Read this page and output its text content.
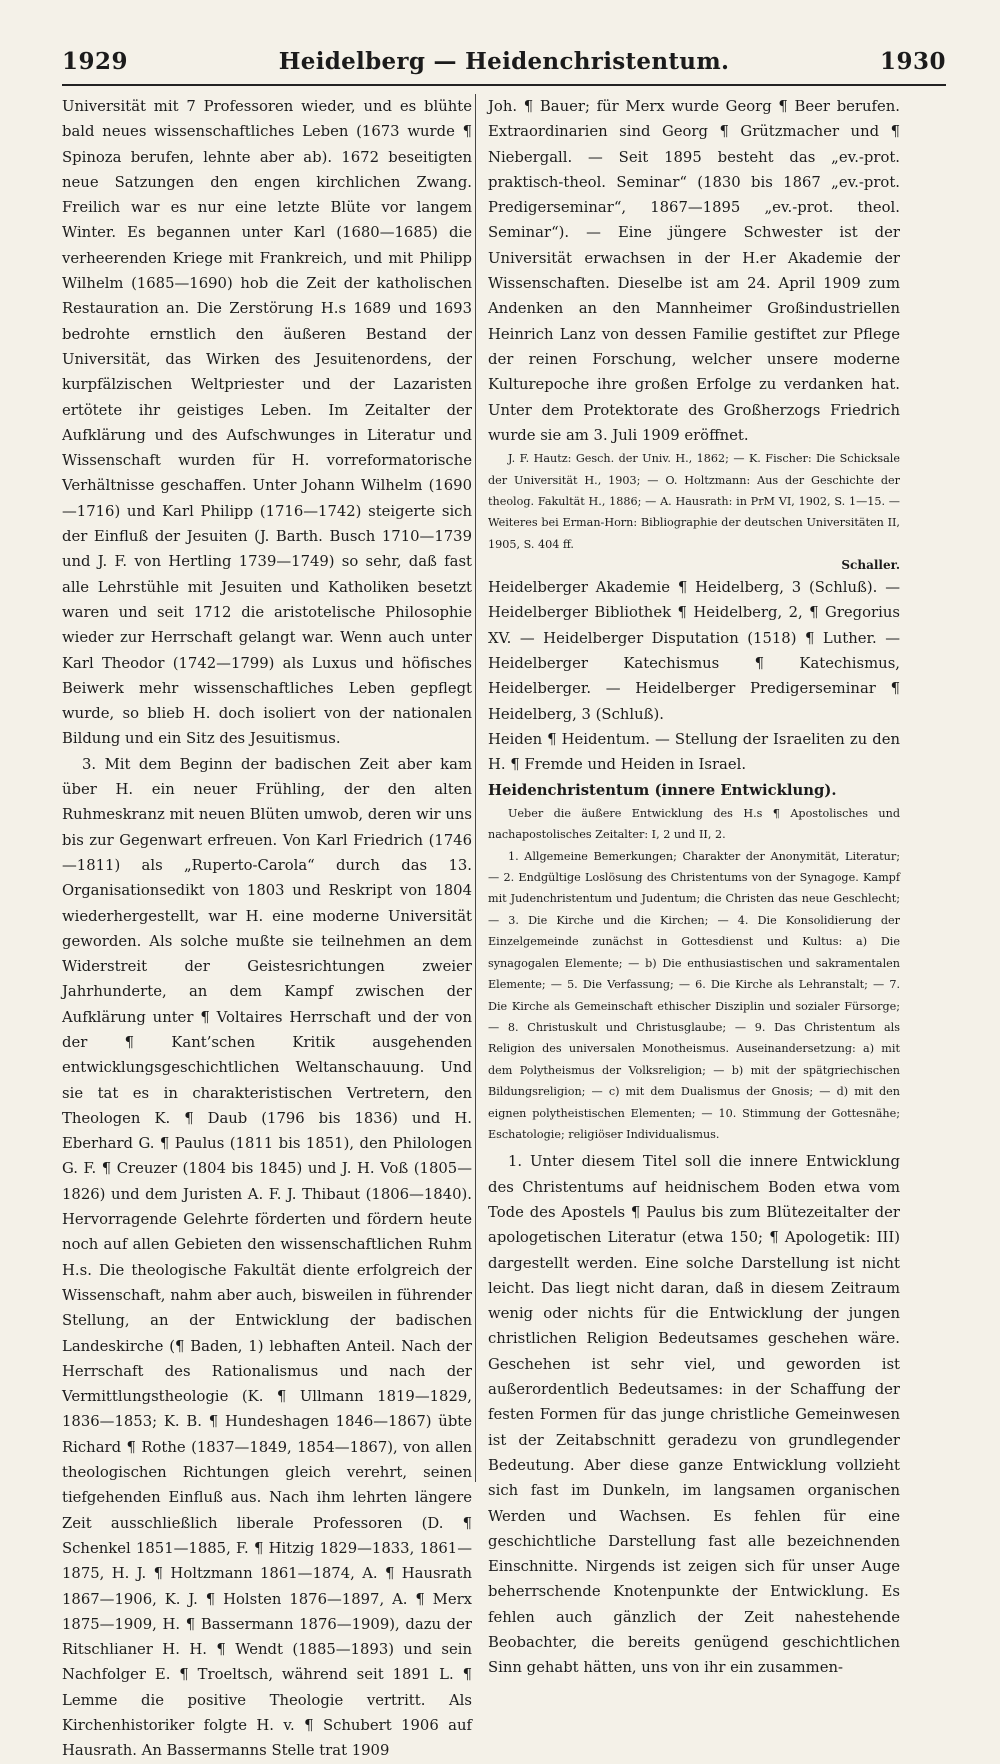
1929	Heidelberg — Heidenchristentum.	1930

Universität mit 7 Professoren wieder, und es blühte bald neues wissenschaftliches Leben (1673 wurde ¶ Spinoza berufen, lehnte aber ab). 1672 beseitigten neue Satzungen den engen kirchlichen Zwang. Freilich war es nur eine letzte Blüte vor langem Winter. Es begannen unter Karl (1680—1685) die verheerenden Kriege mit Frankreich, und mit Philipp Wilhelm (1685—1690) hob die Zeit der katholischen Restauration an. Die Zerstörung H.s 1689 und 1693 bedrohte ernstlich den äußeren Bestand der Universität, das Wirken des Jesuitenordens, der kurpfälzischen Weltpriester und der Lazaristen ertötete ihr geistiges Leben. Im Zeitalter der Aufklärung und des Aufschwunges in Literatur und Wissenschaft wurden für H. vorreformatorische Verhältnisse geschaffen. Unter Johann Wilhelm (1690—1716) und Karl Philipp (1716—1742) steigerte sich der Einfluß der Jesuiten (J. Barth. Busch 1710—1739 und J. F. von Hertling 1739—1749) so sehr, daß fast alle Lehrstühle mit Jesuiten und Katholiken besetzt waren und seit 1712 die aristotelische Philosophie wieder zur Herrschaft gelangt war. Wenn auch unter Karl Theodor (1742—1799) als Luxus und höfisches Beiwerk mehr wissenschaftliches Leben gepflegt wurde, so blieb H. doch isoliert von der nationalen Bildung und ein Sitz des Jesuitismus.

3. Mit dem Beginn der badischen Zeit aber kam über H. ein neuer Frühling, der den alten Ruhmeskranz mit neuen Blüten umwob, deren wir uns bis zur Gegenwart erfreuen. Von Karl Friedrich (1746—1811) als „Ruperto-Carola“ durch das 13. Organisationsedikt von 1803 und Reskript von 1804 wiederhergestellt, war H. eine moderne Universität geworden. Als solche mußte sie teilnehmen an dem Widerstreit der Geistesrichtungen zweier Jahrhunderte, an dem Kampf zwischen der Aufklärung unter ¶ Voltaires Herrschaft und der von der ¶ Kant’schen Kritik ausgehenden entwicklungsgeschichtlichen Weltanschauung. Und sie tat es in charakteristischen Vertretern, den Theologen K. ¶ Daub (1796 bis 1836) und H. Eberhard G. ¶ Paulus (1811 bis 1851), den Philologen G. F. ¶ Creuzer (1804 bis 1845) und J. H. Voß (1805—1826) und dem Juristen A. F. J. Thibaut (1806—1840). Hervorragende Gelehrte förderten und fördern heute noch auf allen Gebieten den wissenschaftlichen Ruhm H.s. Die theologische Fakultät diente erfolgreich der Wissenschaft, nahm aber auch, bisweilen in führender Stellung, an der Entwicklung der badischen Landeskirche (¶ Baden, 1) lebhaften Anteil. Nach der Herrschaft des Rationalismus und nach der Vermittlungstheologie (K. ¶ Ullmann 1819—1829, 1836—1853; K. B. ¶ Hundeshagen 1846—1867) übte Richard ¶ Rothe (1837—1849, 1854—1867), von allen theologischen Richtungen gleich verehrt, seinen tiefgehenden Einfluß aus. Nach ihm lehrten längere Zeit ausschließlich liberale Professoren (D. ¶ Schenkel 1851—1885, F. ¶ Hitzig 1829—1833, 1861—1875, H. J. ¶ Holtzmann 1861—1874, A. ¶ Hausrath 1867—1906, K. J. ¶ Holsten 1876—1897, A. ¶ Merx 1875—1909, H. ¶ Bassermann 1876—1909), dazu der Ritschlianer H. H. ¶ Wendt (1885—1893) und sein Nachfolger E. ¶ Troeltsch, während seit 1891 L. ¶ Lemme die positive Theologie vertritt. Als Kirchenhistoriker folgte H. v. ¶ Schubert 1906 auf Hausrath. An Bassermanns Stelle trat 1909

Joh. ¶ Bauer; für Merx wurde Georg ¶ Beer berufen. Extraordinarien sind Georg ¶ Grützmacher und ¶ Niebergall. — Seit 1895 besteht das „ev.-prot. praktisch-theol. Seminar“ (1830 bis 1867 „ev.-prot. Predigerseminar“, 1867—1895 „ev.-prot. theol. Seminar“). — Eine jüngere Schwester ist der Universität erwachsen in der H.er Akademie der Wissenschaften. Dieselbe ist am 24. April 1909 zum Andenken an den Mannheimer Großindustriellen Heinrich Lanz von dessen Familie gestiftet zur Pflege der reinen Forschung, welcher unsere moderne Kulturepoche ihre großen Erfolge zu verdanken hat. Unter dem Protektorate des Großherzogs Friedrich wurde sie am 3. Juli 1909 eröffnet.

J. F. Hautz: Gesch. der Univ. H., 1862; — K. Fischer: Die Schicksale der Universität H., 1903; — O. Holtzmann: Aus der Geschichte der theolog. Fakultät H., 1886; — A. Hausrath: in PrM VI, 1902, S. 1—15. — Weiteres bei Erman-Horn: Bibliographie der deutschen Universitäten II, 1905, S. 404 ff.

Schaller.

Heidelberger Akademie ¶ Heidelberg, 3 (Schluß). — Heidelberger Bibliothek ¶ Heidelberg, 2, ¶ Gregorius XV. — Heidelberger Disputation (1518) ¶ Luther. — Heidelberger Katechismus ¶ Katechismus, Heidelberger. — Heidelberger Predigerseminar ¶ Heidelberg, 3 (Schluß).

Heiden ¶ Heidentum. — Stellung der Israeliten zu den H. ¶ Fremde und Heiden in Israel.

Heidenchristentum (innere Entwicklung).

Ueber die äußere Entwicklung des H.s ¶ Apostolisches und nachapostolisches Zeitalter: I, 2 und II, 2.

1. Allgemeine Bemerkungen; Charakter der Anonymität, Literatur; — 2. Endgültige Loslösung des Christentums von der Synagoge. Kampf mit Judenchristentum und Judentum; die Christen das neue Geschlecht; — 3. Die Kirche und die Kirchen; — 4. Die Konsolidierung der Einzelgemeinde zunächst in Gottesdienst und Kultus: a) Die synagogalen Elemente; — b) Die enthusiastischen und sakramentalen Elemente; — 5. Die Verfassung; — 6. Die Kirche als Lehranstalt; — 7. Die Kirche als Gemeinschaft ethischer Disziplin und sozialer Fürsorge; — 8. Christuskult und Christusglaube; — 9. Das Christentum als Religion des universalen Monotheismus. Auseinandersetzung: a) mit dem Polytheismus der Volksreligion; — b) mit der spätgriechischen Bildungsreligion; — c) mit dem Dualismus der Gnosis; — d) mit den eignen polytheistischen Elementen; — 10. Stimmung der Gottesnähe; Eschatologie; religiöser Individualismus.

1. Unter diesem Titel soll die innere Entwicklung des Christentums auf heidnischem Boden etwa vom Tode des Apostels ¶ Paulus bis zum Blütezeitalter der apologetischen Literatur (etwa 150; ¶ Apologetik: III) dargestellt werden. Eine solche Darstellung ist nicht leicht. Das liegt nicht daran, daß in diesem Zeitraum wenig oder nichts für die Entwicklung der jungen christlichen Religion Bedeutsames geschehen wäre. Geschehen ist sehr viel, und geworden ist außerordentlich Bedeutsames: in der Schaffung der festen Formen für das junge christliche Gemeinwesen ist der Zeitabschnitt geradezu von grundlegender Bedeutung. Aber diese ganze Entwicklung vollzieht sich fast im Dunkeln, im langsamen organischen Werden und Wachsen. Es fehlen für eine geschichtliche Darstellung fast alle bezeichnenden Einschnitte. Nirgends ist zeigen sich für unser Auge beherrschende Knotenpunkte der Entwicklung. Es fehlen auch gänzlich der Zeit nahestehende Beobachter, die bereits genügend geschichtlichen Sinn gehabt hätten, uns von ihr ein zusammen-
